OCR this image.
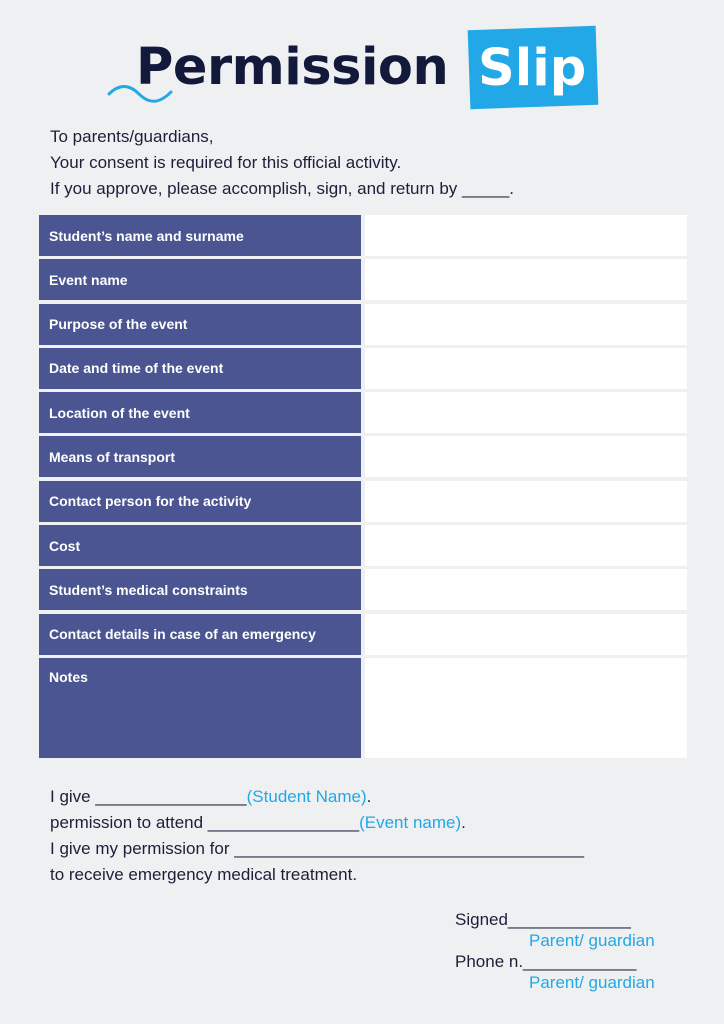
Permission Slip
To parents/guardians,
Your consent is required for this official activity.
If you approve, please accomplish, sign, and return by _____.
Student’s name and surname
Event name
Purpose of the event
Date and time of the event
Location of the event
Means of transport
Contact person for the activity
Cost
Student’s medical constraints
Contact details in case of an emergency
Notes
I give ________________(Student Name).
permission to attend ________________(Event name).
I give my permission for _____________________________________
to receive emergency medical treatment.
Signed_____________
Parent/ guardian
Phone n.____________
Parent/ guardian
